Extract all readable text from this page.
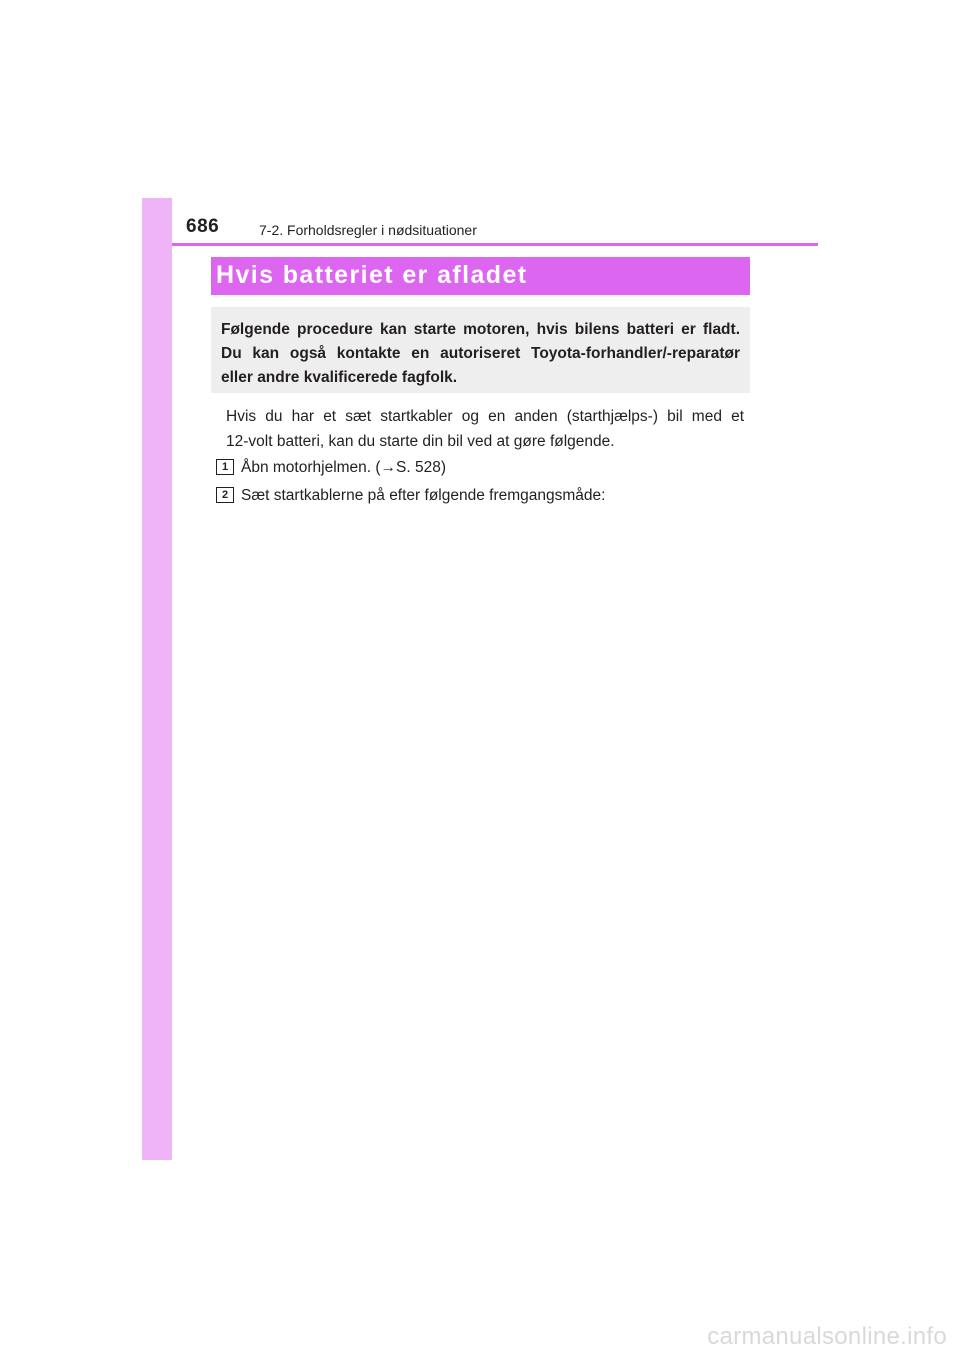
686	7-2. Forholdsregler i nødsituationer
Hvis batteriet er afladet
Følgende procedure kan starte motoren, hvis bilens batteri er fladt.
Du kan også kontakte en autoriseret Toyota-forhandler/-reparatør
eller andre kvalificerede fagfolk.
Hvis du har et sæt startkabler og en anden (starthjælps-) bil med et
12-volt batteri, kan du starte din bil ved at gøre følgende.
1 Åbn motorhjelmen. (→S. 528)
2 Sæt startkablerne på efter følgende fremgangsmåde:
carmanualsonline.info
